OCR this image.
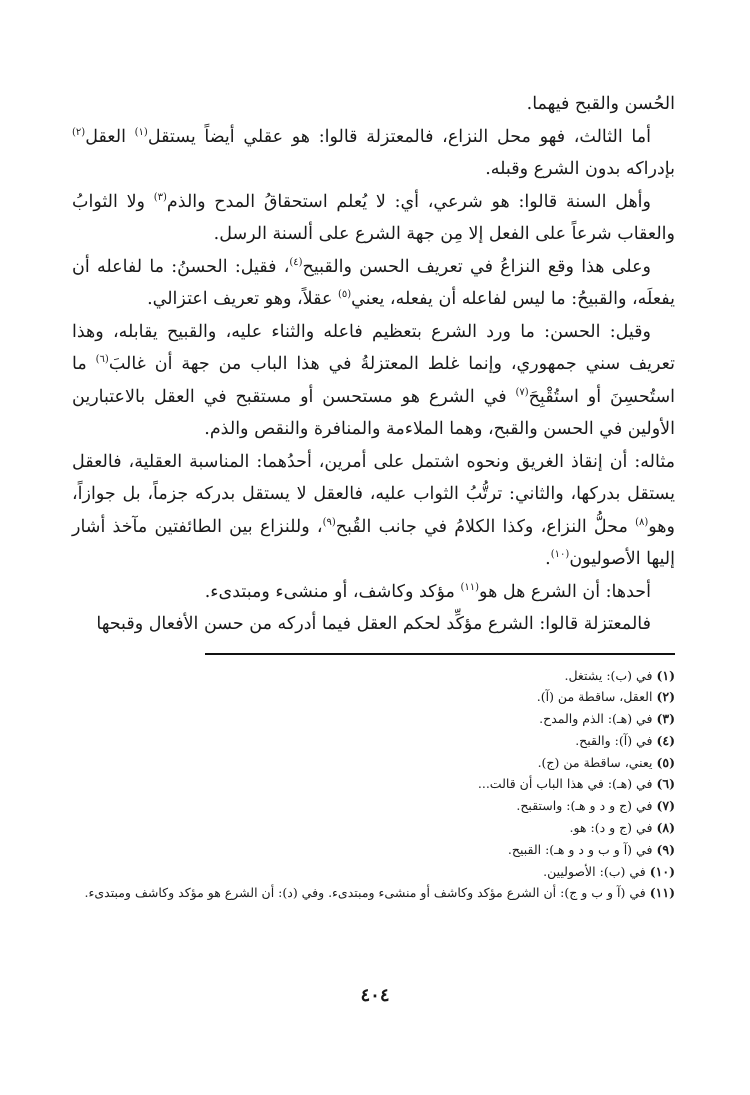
الحُسن والقبح فيهما.

أما الثالث، فهو محل النزاع، فالمعتزلة قالوا: هو عقلي أيضاً يستقل$^{(١)}$ العقل$^{(٢)}$ بإدراكه بدون الشرع وقبله.

وأهل السنة قالوا: هو شرعي، أي: لا يُعلم استحقاقُ المدح والذم$^{(٣)}$ ولا الثوابُ والعقاب شرعاً على الفعل إلا مِن جهة الشرع على ألسنة الرسل.

وعلى هذا وقع النزاعُ في تعريف الحسن والقبيح$^{(٤)}$، فقيل: الحسنُ: ما لفاعله أن يفعلَه، والقبيحُ: ما ليس لفاعله أن يفعله، يعني$^{(٥)}$ عقلاً، وهو تعريف اعتزالي.

وقيل: الحسن: ما ورد الشرع بتعظيم فاعله والثناء عليه، والقبيح يقابله، وهذا تعريف سني جمهوري، وإنما غلط المعتزلةُ في هذا الباب من جهة أن غالبَ$^{(٦)}$ ما استُحسِنَ أو استُقْبِحَ$^{(٧)}$ في الشرع هو مستحسن أو مستقبح في العقل بالاعتبارين الأولين في الحسن والقبح، وهما الملاءمة والمنافرة والنقص والذم.

مثاله: أن إنقاذ الغريق ونحوه اشتمل على أمرين، أحدُهما: المناسبة العقلية، فالعقل يستقل بدركها، والثاني: ترتُّبُ الثواب عليه، فالعقل لا يستقل بدركه جزماً، بل جوازاً، وهو$^{(٨)}$ محلُّ النزاع، وكذا الكلامُ في جانب القُبح$^{(٩)}$، وللنزاع بين الطائفتين مآخذ أشار إليها الأصوليون$^{(١٠)}$.

أحدها: أن الشرع هل هو$^{(١١)}$ مؤكد وكاشف، أو منشىء ومبتدىء.

فالمعتزلة قالوا: الشرع مؤكِّد لحكم العقل فيما أدركه من حسن الأفعال وقبحها

(١)في (ب): يشتغل.
(٢)العقل، ساقطة من (آ).
(٣)في (هـ): الذم والمدح.
(٤)في (آ): والقبح.
(٥)يعني، ساقطة من (ج).
(٦)في (هـ): في هذا الباب أن قالت...
(٧)في (ج و د و هـ): واستقبح.
(٨)في (ج و د): هو.
(٩)في (آ و ب و د و هـ): القبيح.
(١٠)في (ب): الأصوليين.
(١١)في (آ و ب و ج): أن الشرع مؤكد وكاشف أو منشىء ومبتدىء. وفي (د): أن الشرع هو مؤكد وكاشف ومبتدىء.
٤٠٤
